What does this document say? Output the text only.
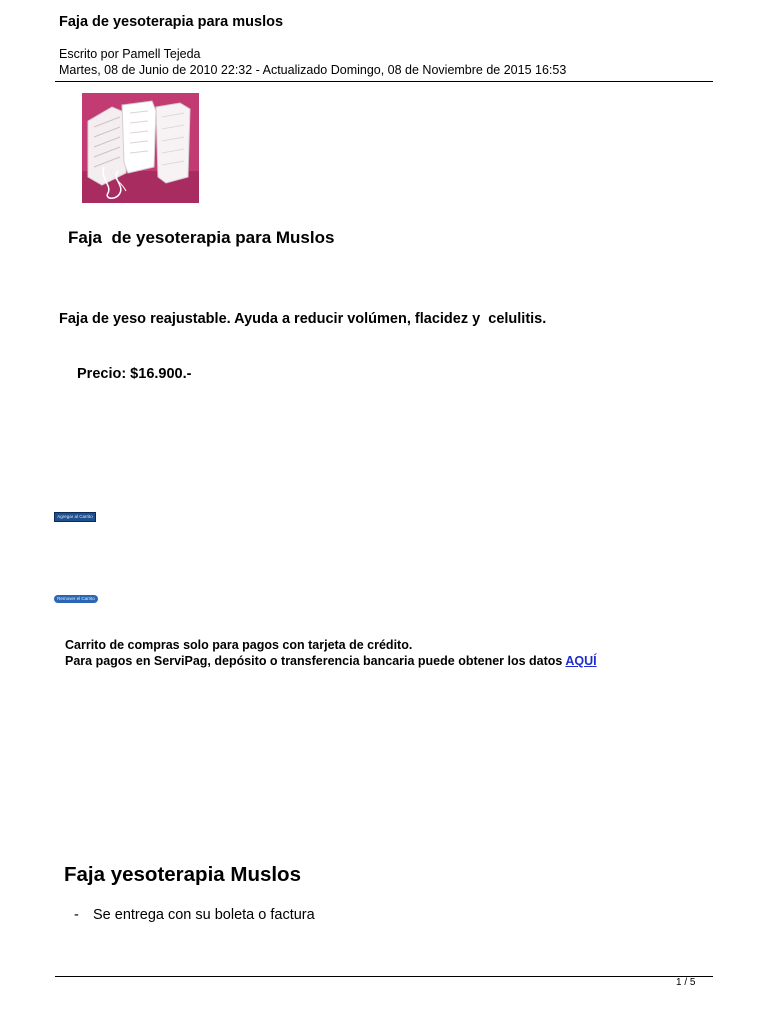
Faja de yesoterapia para muslos
Escrito por Pamell Tejeda
Martes, 08 de Junio de 2010 22:32 - Actualizado Domingo, 08 de Noviembre de 2015 16:53
Faja  de yesoterapia para Muslos
Faja de yeso reajustable. Ayuda a reducir volúmen, flacidez y  celulitis.
Precio: $16.900.-
Agregar al Carrito
Remover el Carrito
Carrito de compras solo para pagos con tarjeta de crédito.
Para pagos en ServiPag, depósito o transferencia bancaria puede obtener los datos AQUÍ
Faja yesoterapia Muslos
- Se entrega con su boleta o factura
1 / 5
